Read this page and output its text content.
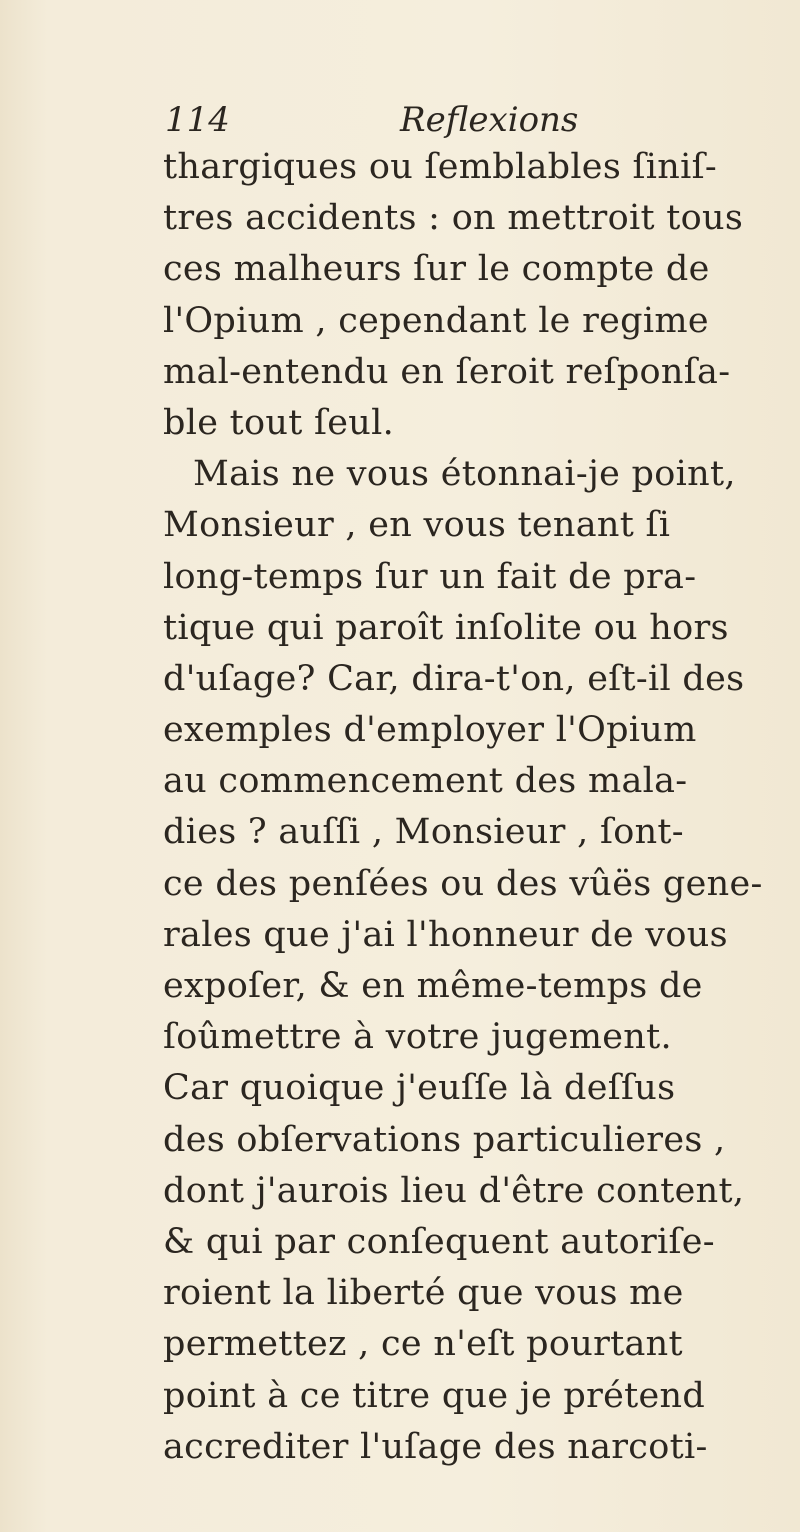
114	Reflexions
thargiques ou ſemblables ſiniſ-
tres accidents : on mettroit tous
ces malheurs ſur le compte de
l'Opium , cependant le regime
mal-entendu en ſeroit reſponſa-
ble tout ſeul.
Mais ne vous étonnai-je point,
Monsieur , en vous tenant ſi
long-temps ſur un fait de pra-
tique qui paroît inſolite ou hors
d'uſage? Car, dira-t'on, eſt-il des
exemples d'employer l'Opium
au commencement des mala-
dies ? auſſi , Monsieur , ſont-
ce des penſées ou des vûës gene-
rales que j'ai l'honneur de vous
expoſer, & en même-temps de
ſoûmettre à votre jugement.
Car quoique j'euſſe là deſſus
des obſervations particulieres ,
dont j'aurois lieu d'être content,
& qui par conſequent autoriſe-
roient la liberté que vous me
permettez , ce n'eſt pourtant
point à ce titre que je prétend
accrediter l'uſage des narcoti-
